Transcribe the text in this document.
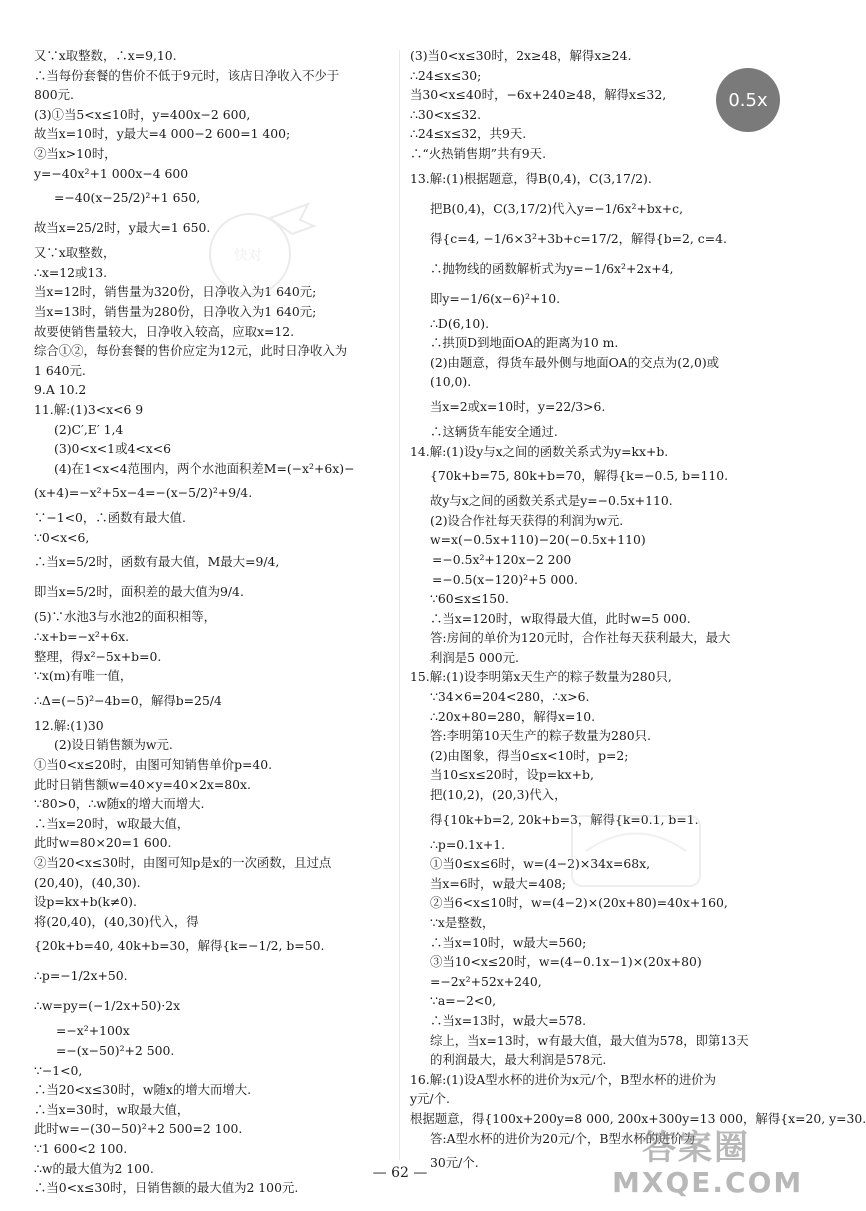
又∵x取整数，∴x=9,10.
∴当每份套餐的售价不低于9元时，该店日净收入不少于
800元.
(3)①当5<x≤10时，y=400x−2 600,
故当x=10时，y最大=4 000−2 600=1 400;
②当x>10时，
y=−40x²+1 000x−4 600
=−40(x−25/2)²+1 650,
故当x=25/2时，y最大=1 650.
又∵x取整数，
∴x=12或13.
当x=12时，销售量为320份，日净收入为1 640元;
当x=13时，销售量为280份，日净收入为1 640元;
故要使销售量较大，日净收入较高，应取x=12.
综合①②，每份套餐的售价应定为12元，此时日净收入为
1 640元.
9.A 10.2
11.解:(1)3<x<6 9
(2)C′,E′ 1,4
(3)0<x<1或4<x<6
(4)在1<x<4范围内，两个水池面积差M=(−x²+6x)−
(x+4)=−x²+5x−4=−(x−5/2)²+9/4.
∵−1<0，∴函数有最大值.
∵0<x<6,
∴当x=5/2时，函数有最大值，M最大=9/4,
即当x=5/2时，面积差的最大值为9/4.
(5)∵水池3与水池2的面积相等，
∴x+b=−x²+6x.
整理，得x²−5x+b=0.
∵x(m)有唯一值，
∴Δ=(−5)²−4b=0，解得b=25/4
12.解:(1)30
(2)设日销售额为w元.
①当0<x≤20时，由图可知销售单价p=40.
此时日销售额w=40×y=40×2x=80x.
∵80>0，∴w随x的增大而增大.
∴当x=20时，w取最大值，
此时w=80×20=1 600.
②当20<x≤30时，由图可知p是x的一次函数，且过点
(20,40)，(40,30).
设p=kx+b(k≠0).
将(20,40)，(40,30)代入，得
{20k+b=40, 40k+b=30，解得{k=−1/2, b=50.
∴p=−1/2x+50.
∴w=py=(−1/2x+50)·2x
=−x²+100x
=−(x−50)²+2 500.
∵−1<0,
∴当20<x≤30时，w随x的增大而增大.
∴当x=30时，w取最大值，
此时w=−(30−50)²+2 500=2 100.
∵1 600<2 100.
∴w的最大值为2 100.
∴当0<x≤30时，日销售额的最大值为2 100元.
(3)当0<x≤30时，2x≥48，解得x≥24.
∴24≤x≤30;
当30<x≤40时，−6x+240≥48，解得x≤32,
∴30<x≤32.
∴24≤x≤32，共9天.
∴“火热销售期”共有9天.
13.解:(1)根据题意，得B(0,4)，C(3,17/2).
把B(0,4)，C(3,17/2)代入y=−1/6x²+bx+c,
得{c=4, −1/6×3²+3b+c=17/2，解得{b=2, c=4.
∴抛物线的函数解析式为y=−1/6x²+2x+4,
即y=−1/6(x−6)²+10.
∴D(6,10).
∴拱顶D到地面OA的距离为10 m.
(2)由题意，得货车最外侧与地面OA的交点为(2,0)或
(10,0).
当x=2或x=10时，y=22/3>6.
∴这辆货车能安全通过.
14.解:(1)设y与x之间的函数关系式为y=kx+b.
{70k+b=75, 80k+b=70，解得{k=−0.5, b=110.
故y与x之间的函数关系式是y=−0.5x+110.
(2)设合作社每天获得的利润为w元.
w=x(−0.5x+110)−20(−0.5x+110)
=−0.5x²+120x−2 200
=−0.5(x−120)²+5 000.
∵60≤x≤150.
∴当x=120时，w取得最大值，此时w=5 000.
答:房间的单价为120元时，合作社每天获利最大，最大
利润是5 000元.
15.解:(1)设李明第x天生产的粽子数量为280只,
∵34×6=204<280，∴x>6.
∴20x+80=280，解得x=10.
答:李明第10天生产的粽子数量为280只.
(2)由图象，得当0≤x<10时，p=2;
当10≤x≤20时，设p=kx+b,
把(10,2)，(20,3)代入，
得{10k+b=2, 20k+b=3，解得{k=0.1, b=1.
∴p=0.1x+1.
①当0≤x≤6时，w=(4−2)×34x=68x,
当x=6时，w最大=408;
②当6<x≤10时，w=(4−2)×(20x+80)=40x+160,
∵x是整数，
∴当x=10时，w最大=560;
③当10<x≤20时，w=(4−0.1x−1)×(20x+80)
=−2x²+52x+240,
∵a=−2<0,
∴当x=13时，w最大=578.
综上，当x=13时，w有最大值，最大值为578，即第13天
的利润最大，最大利润是578元.
16.解:(1)设A型水杯的进价为x元/个，B型水杯的进价为
y元/个.
根据题意，得{100x+200y=8 000, 200x+300y=13 000，解得{x=20, y=30.
答:A型水杯的进价为20元/个，B型水杯的进价为
30元/个.
快对
0.5x
— 62 —
答案圈
MXQE.COM
